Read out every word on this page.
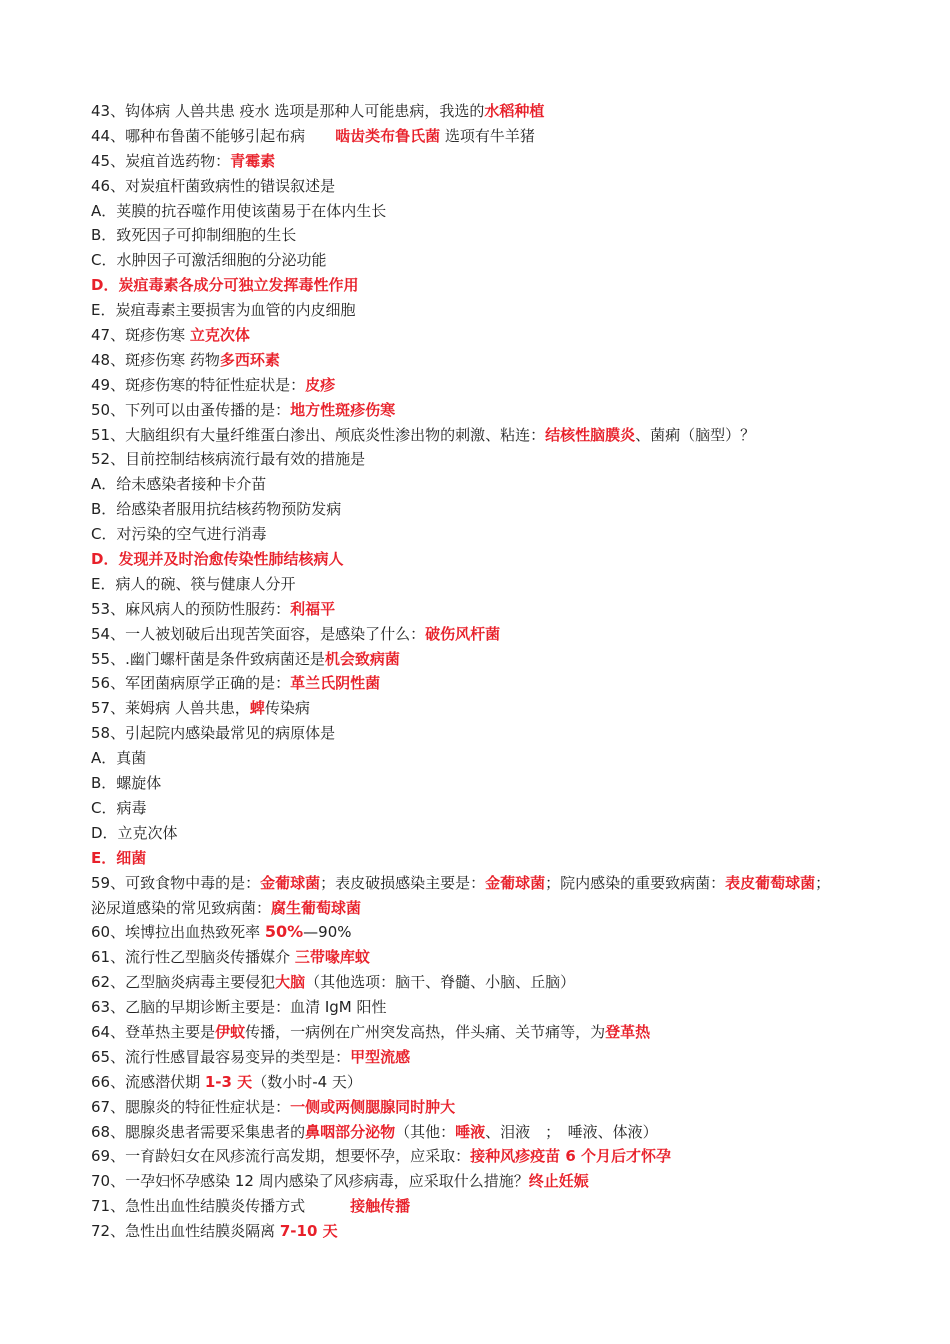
43、钩体病 人兽共患 疫水 选项是那种人可能患病，我选的水稻种植
44、哪种布鲁菌不能够引起布病　　啮齿类布鲁氏菌 选项有牛羊猪
45、炭疽首选药物：青霉素
46、对炭疽杆菌致病性的错误叙述是
A．荚膜的抗吞噬作用使该菌易于在体内生长
B．致死因子可抑制细胞的生长
C．水肿因子可激活细胞的分泌功能
D．炭疽毒素各成分可独立发挥毒性作用
E．炭疽毒素主要损害为血管的内皮细胞
47、斑疹伤寒 立克次体
48、斑疹伤寒 药物多西环素
49、斑疹伤寒的特征性症状是：皮疹
50、下列可以由蚤传播的是：地方性斑疹伤寒
51、大脑组织有大量纤维蛋白渗出、颅底炎性渗出物的刺激、粘连：结核性脑膜炎、菌痢（脑型）？
52、目前控制结核病流行最有效的措施是
A．给未感染者接种卡介苗
B．给感染者服用抗结核药物预防发病
C．对污染的空气进行消毒
D．发现并及时治愈传染性肺结核病人
E．病人的碗、筷与健康人分开
53、麻风病人的预防性服药：利福平
54、一人被划破后出现苦笑面容，是感染了什么：破伤风杆菌
55、.幽门螺杆菌是条件致病菌还是机会致病菌
56、军团菌病原学正确的是：革兰氏阴性菌
57、莱姆病 人兽共患，蜱传染病
58、引起院内感染最常见的病原体是
A．真菌
B．螺旋体
C．病毒
D．立克次体
E．细菌
59、可致食物中毒的是：金葡球菌；表皮破损感染主要是：金葡球菌；院内感染的重要致病菌：表皮葡萄球菌；
泌尿道感染的常见致病菌：腐生葡萄球菌
60、埃博拉出血热致死率 50%—90%
61、流行性乙型脑炎传播媒介 三带喙库蚊
62、乙型脑炎病毒主要侵犯大脑（其他选项：脑干、脊髓、小脑、丘脑）
63、乙脑的早期诊断主要是：血清 IgM 阳性
64、登革热主要是伊蚊传播，一病例在广州突发高热，伴头痛、关节痛等，为登革热
65、流行性感冒最容易变异的类型是：甲型流感
66、流感潜伏期 1-3 天（数小时-4 天）
67、腮腺炎的特征性症状是：一侧或两侧腮腺同时肿大
68、腮腺炎患者需要采集患者的鼻咽部分泌物（其他：唾液、泪液　；　唾液、体液）
69、一育龄妇女在风疹流行高发期，想要怀孕，应采取：接种风疹疫苗 6 个月后才怀孕
70、一孕妇怀孕感染 12 周内感染了风疹病毒，应采取什么措施？终止妊娠
71、急性出血性结膜炎传播方式　　　接触传播
72、急性出血性结膜炎隔离 7-10 天
